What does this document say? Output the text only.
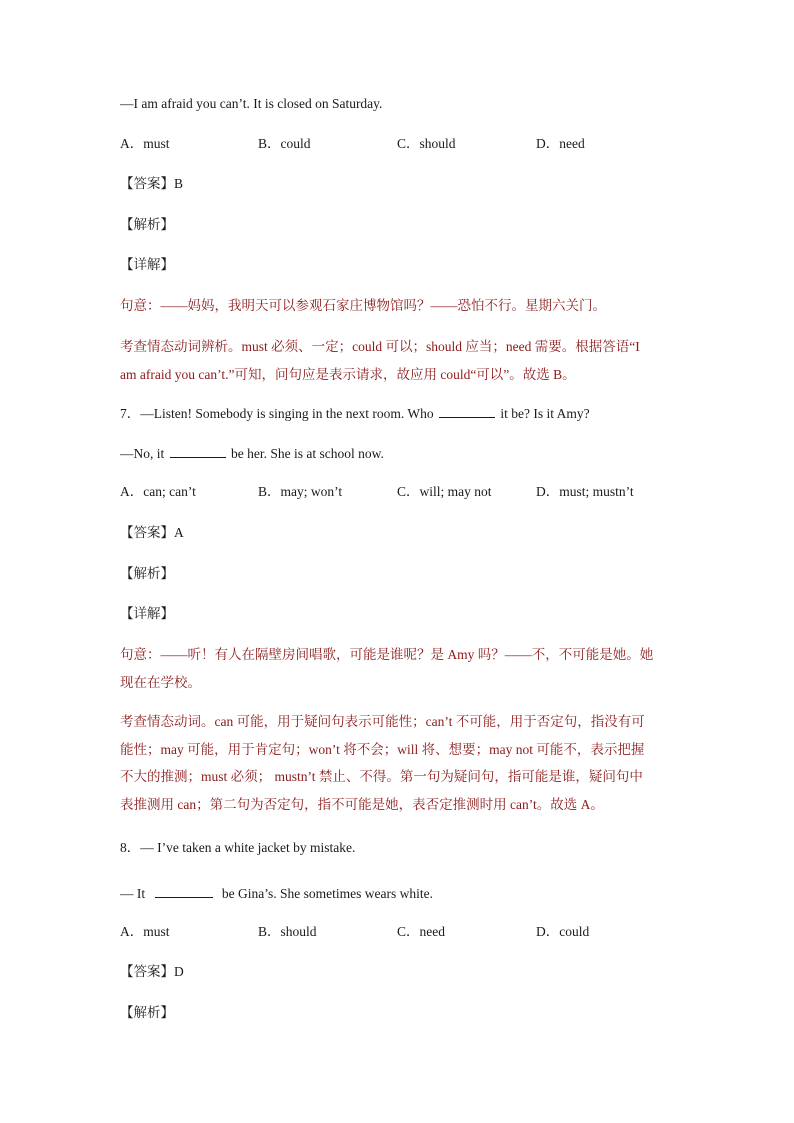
—I am afraid you can’t. It is closed on Saturday.
A．must	B．could	C．should	D．need
【答案】B
【解析】
【详解】
句意：——妈妈，我明天可以参观石家庄博物馆吗？——恐怕不行。星期六关门。
考查情态动词辨析。must 必须、一定；could 可以；should 应当；need 需要。根据答语“I
am afraid you can’t.”可知，问句应是表示请求，故应用 could“可以”。故选 B。
7．—Listen! Somebody is singing in the next room. Who	it be? Is it Amy?
—No, it	be her. She is at school now.
A．can; can’t	B．may; won’t	C．will; may not	D．must; mustn’t
【答案】A
【解析】
【详解】
句意：——听！有人在隔壁房间唱歌，可能是谁呢？是 Amy 吗？——不，不可能是她。她
现在在学校。
考查情态动词。can 可能，用于疑问句表示可能性；can’t 不可能，用于否定句，指没有可
能性；may 可能，用于肯定句；won’t 将不会；will 将、想要；may not 可能不，表示把握
不大的推测；must 必须； mustn’t 禁止、不得。第一句为疑问句，指可能是谁，疑问句中
表推测用 can；第二句为否定句，指不可能是她，表否定推测时用 can’t。故选 A。
8．— I’ve taken a white jacket by mistake.
— It	be Gina’s. She sometimes wears white.
A．must	B．should	C．need	D．could
【答案】D
【解析】
